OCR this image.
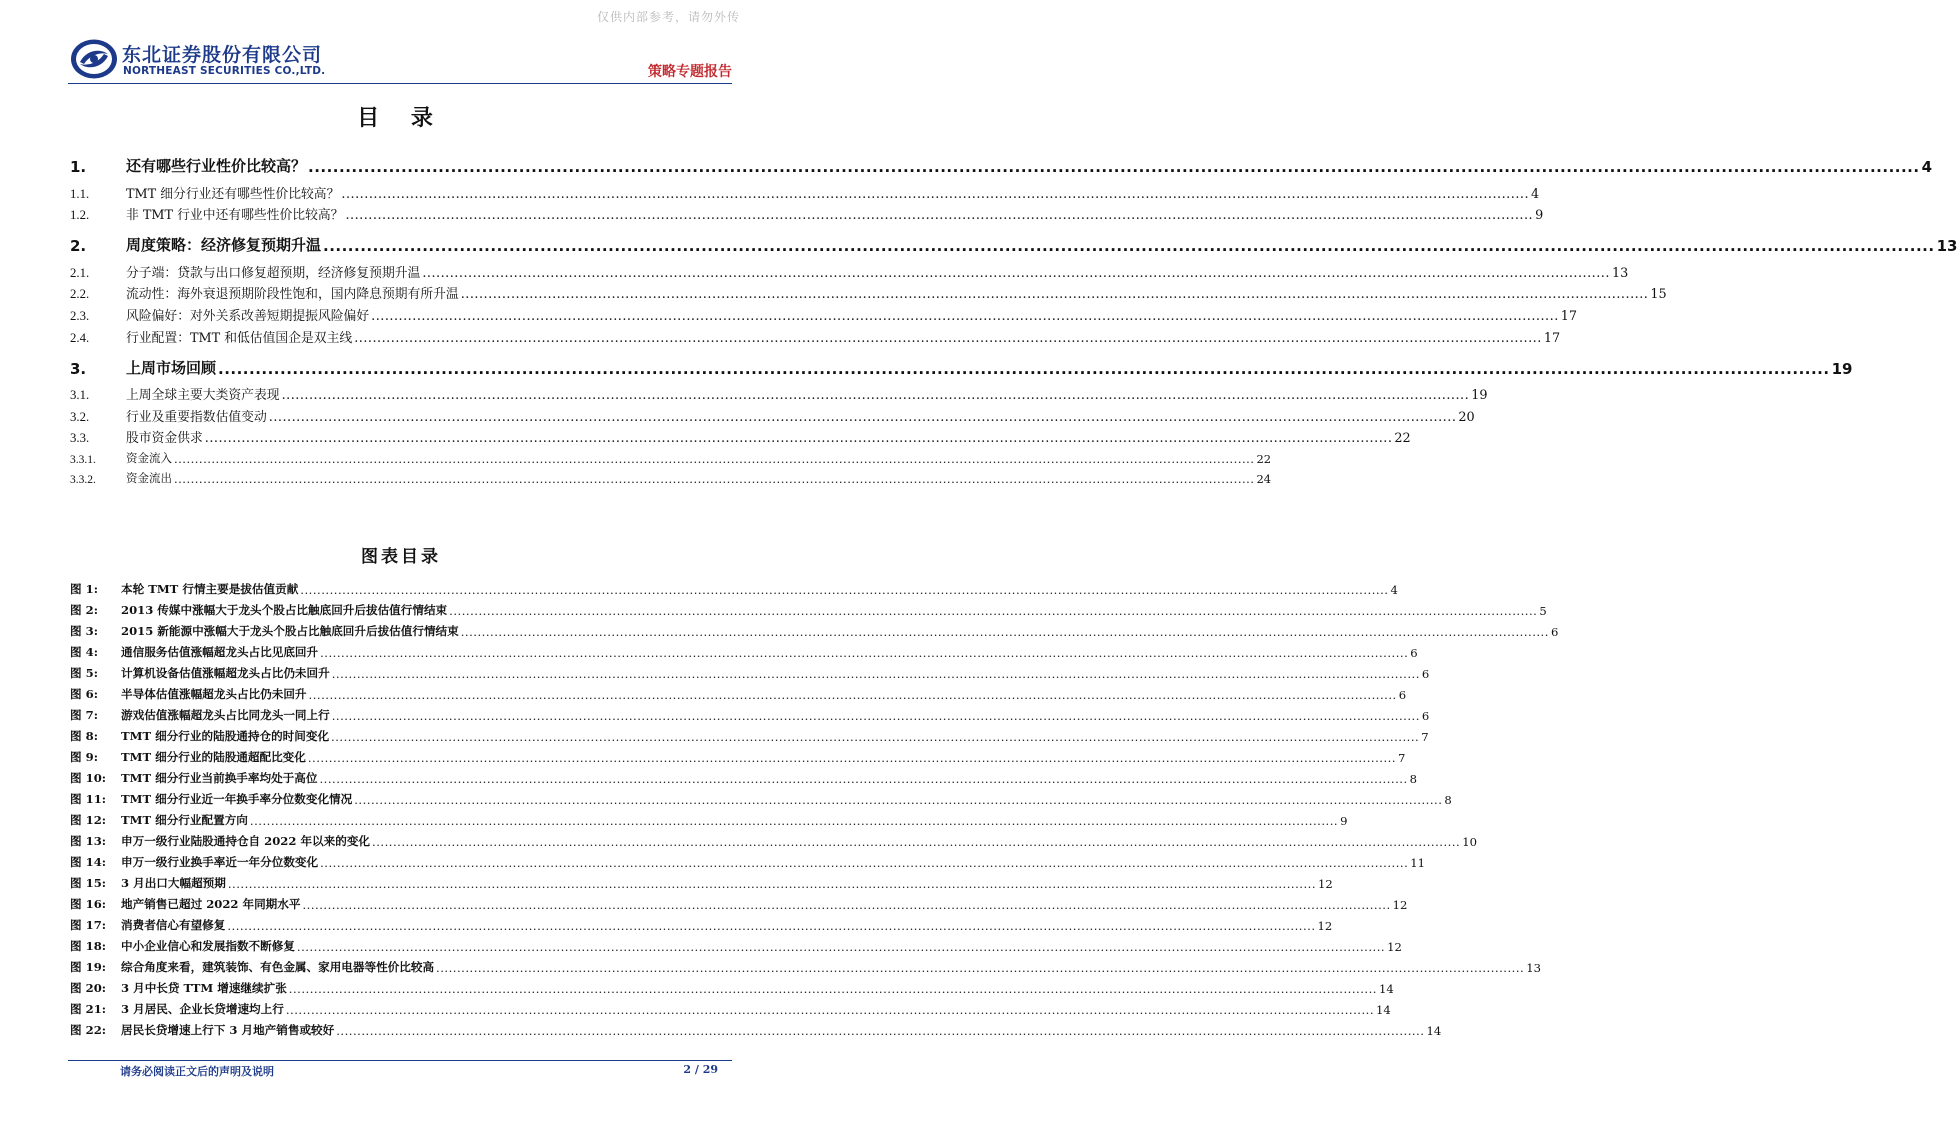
仅供内部参考，请勿外传
东北证券股份有限公司
NORTHEAST SECURITIES CO.,LTD.	策略专题报告
目 录
1.	还有哪些行业性价比较高？ .....	4
1.1.	TMT 细分行业还有哪些性价比较高？ .....	4
1.2.	非 TMT 行业中还有哪些性价比较高？ .....	9
2.	周度策略：经济修复预期升温 .....	13
2.1.	分子端：贷款与出口修复超预期，经济修复预期升温 .....	13
2.2.	流动性：海外衰退预期阶段性饱和，国内降息预期有所升温 .....	15
2.3.	风险偏好：对外关系改善短期提振风险偏好 .....	17
2.4.	行业配置：TMT 和低估值国企是双主线 .....	17
3.	上周市场回顾 .....	19
3.1.	上周全球主要大类资产表现 .....	19
3.2.	行业及重要指数估值变动 .....	20
3.3.	股市资金供求 .....	22
3.3.1.	资金流入 .....	22
3.3.2.	资金流出 .....	24
图表目录
图 1:	本轮 TMT 行情主要是拔估值贡献 .....	4
图 2:	2013 传媒中涨幅大于龙头个股占比触底回升后拔估值行情结束 .....	5
图 3:	2015 新能源中涨幅大于龙头个股占比触底回升后拔估值行情结束 .....	6
图 4:	通信服务估值涨幅超龙头占比见底回升 .....	6
图 5:	计算机设备估值涨幅超龙头占比仍未回升 .....	6
图 6:	半导体估值涨幅超龙头占比仍未回升 .....	6
图 7:	游戏估值涨幅超龙头占比同龙头一同上行 .....	6
图 8:	TMT 细分行业的陆股通持仓的时间变化 .....	7
图 9:	TMT 细分行业的陆股通超配比变化 .....	7
图 10:	TMT 细分行业当前换手率均处于高位 .....	8
图 11:	TMT 细分行业近一年换手率分位数变化情况 .....	8
图 12:	TMT 细分行业配置方向 .....	9
图 13:	申万一级行业陆股通持仓自 2022 年以来的变化 .....	10
图 14:	申万一级行业换手率近一年分位数变化 .....	11
图 15:	3 月出口大幅超预期 .....	12
图 16:	地产销售已超过 2022 年同期水平 .....	12
图 17:	消费者信心有望修复 .....	12
图 18:	中小企业信心和发展指数不断修复 .....	12
图 19:	综合角度来看，建筑装饰、有色金属、家用电器等性价比较高 .....	13
图 20:	3 月中长贷 TTM 增速继续扩张 .....	14
图 21:	3 月居民、企业长贷增速均上行 .....	14
图 22:	居民长贷增速上行下 3 月地产销售或较好 .....	14
请务必阅读正文后的声明及说明	2 / 29
